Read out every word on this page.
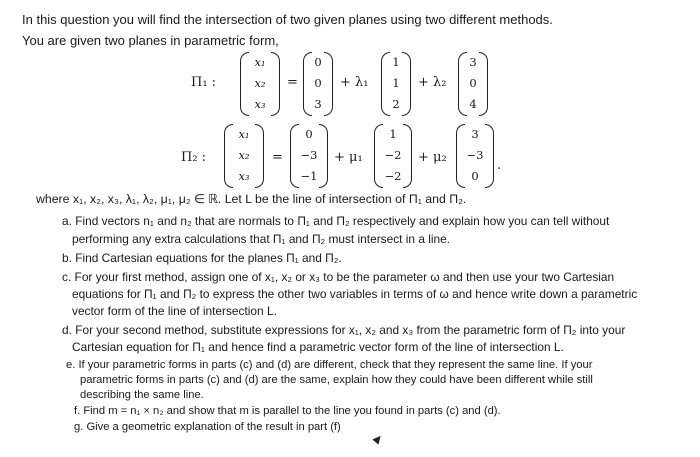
In this question you will find the intersection of two given planes using two different methods.
You are given two planes in parametric form,
Π₁ :
x₁
x₂
x₃
=
0
0
3
+ λ₁
1
1
2
+ λ₂
3
0
4
Π₂ :
x₁
x₂
x₃
=
0
−3
−1
+ μ₁
1
−2
−2
+ μ₂
3
−3
0
.
where x₁, x₂, x₃, λ₁, λ₂, μ₁, μ₂ ∈ ℝ. Let L be the line of intersection of Π₁ and Π₂.
a. Find vectors n₁ and n₂ that are normals to Π₁ and Π₂ respectively and explain how you can tell without
performing any extra calculations that Π₁ and Π₂ must intersect in a line.
b. Find Cartesian equations for the planes Π₁ and Π₂.
c. For your first method, assign one of x₁, x₂ or x₃ to be the parameter ω and then use your two Cartesian
equations for Π₁ and Π₂ to express the other two variables in terms of ω and hence write down a parametric
vector form of the line of intersection L.
d. For your second method, substitute expressions for x₁, x₂ and x₃ from the parametric form of Π₂ into your
Cartesian equation for Π₁ and hence find a parametric vector form of the line of intersection L.
e. If your parametric forms in parts (c) and (d) are different, check that they represent the same line. If your
parametric forms in parts (c) and (d) are the same, explain how they could have been different while still
describing the same line.
f. Find m = n₁ × n₂ and show that m is parallel to the line you found in parts (c) and (d).
g. Give a geometric explanation of the result in part (f)
